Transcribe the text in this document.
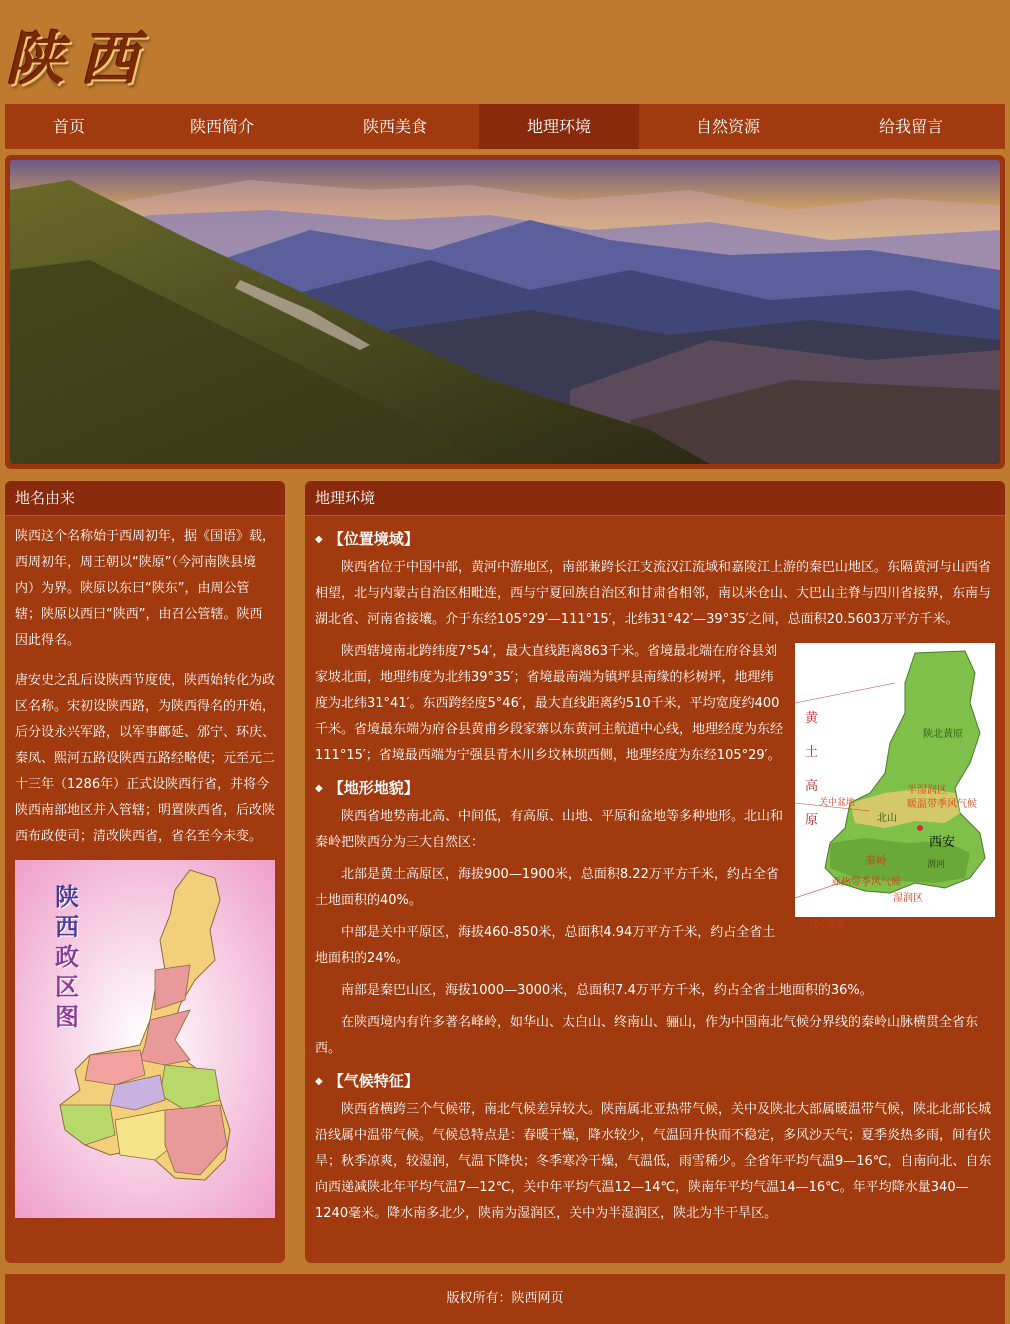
陕 西
首页	陕西简介	陕西美食	地理环境	自然资源	给我留言
地名由来

陕西这个名称始于西周初年，据《国语》载，西周初年，周王朝以“陕原”（今河南陕县境内）为界。陕原以东曰“陕东”，由周公管辖；陕原以西曰“陕西”，由召公管辖。陕西因此得名。

唐安史之乱后设陕西节度使，陕西始转化为政区名称。宋初设陕西路，为陕西得名的开始，后分设永兴军路，以军事鄜延、邠宁、环庆、秦凤、熙河五路设陕西五路经略使；元至元二十三年（1286年）正式设陕西行省，并将今陕西南部地区并入管辖；明置陕西省，后改陕西布政使司；清改陕西省，省名至今未变。

陕
西
政
区
图
地理环境
◆ 【位置境域】

陕西省位于中国中部，黄河中游地区，南部兼跨长江支流汉江流域和嘉陵江上游的秦巴山地区。东隔黄河与山西省相望，北与内蒙古自治区相毗连，西与宁夏回族自治区和甘肃省相邻，南以米仓山、大巴山主脊与四川省接界，东南与湖北省、河南省接壤。介于东经105°29′—111°15′，北纬31°42′—39°35′之间，总面积20.5603万平方千米。

陕西辖境南北跨纬度7°54′，最大直线距离863千米。省境最北端在府谷县刘家坡北面，地理纬度为北纬39°35′；省境最南端为镇坪县南缘的杉树坪，地理纬度为北纬31°41′。东西跨经度5°46′，最大直线距离约510千米，平均宽度约400千米。省境最东端为府谷县黄甫乡段家寨以东黄河主航道中心线，地理经度为东经111°15′；省境最西端为宁强县青木川乡坟林坝西侧，地理经度为东经105°29′。

◆ 【地形地貌】

陕西省地势南北高、中间低，有高原、山地、平原和盆地等多种地形。北山和秦岭把陕西分为三大自然区：

北部是黄土高原区，海拔900—1900米，总面积8.22万平方千米，约占全省土地面积的40%。

中部是关中平原区，海拔460-850米，总面积4.94万平方千米，约占全省土地面积的24%。

南部是秦巴山区，海拔1000—3000米，总面积7.4万平方千米，约占全省土地面积的36%。

在陕西境内有许多著名峰岭，如华山、太白山、终南山、骊山，作为中国南北气候分界线的秦岭山脉横贯全省东西。

◆ 【气候特征】

陕西省横跨三个气候带，南北气候差异较大。陕南属北亚热带气候，关中及陕北大部属暖温带气候，陕北北部长城沿线属中温带气候。气候总特点是：春暖干燥，降水较少，气温回升快而不稳定，多风沙天气；夏季炎热多雨，间有伏旱；秋季凉爽，较湿润，气温下降快；冬季寒冷干燥，气温低，雨雪稀少。全省年平均气温9—16℃，自南向北、自东向西递减陕北年平均气温7—12℃，关中年平均气温12—14℃，陕南年平均气温14—16℃。年平均降水量340—1240毫米。降水南多北少，陕南为湿润区，关中为半湿润区，陕北为半干旱区。

版权所有：陕西网页
黄
土
高
原
陕北黄原
半湿润区
暖温带季风气候
关中盆地
北山
西安
渭河
秦岭
亚热带季风气候
湿润区
汉中盆地
